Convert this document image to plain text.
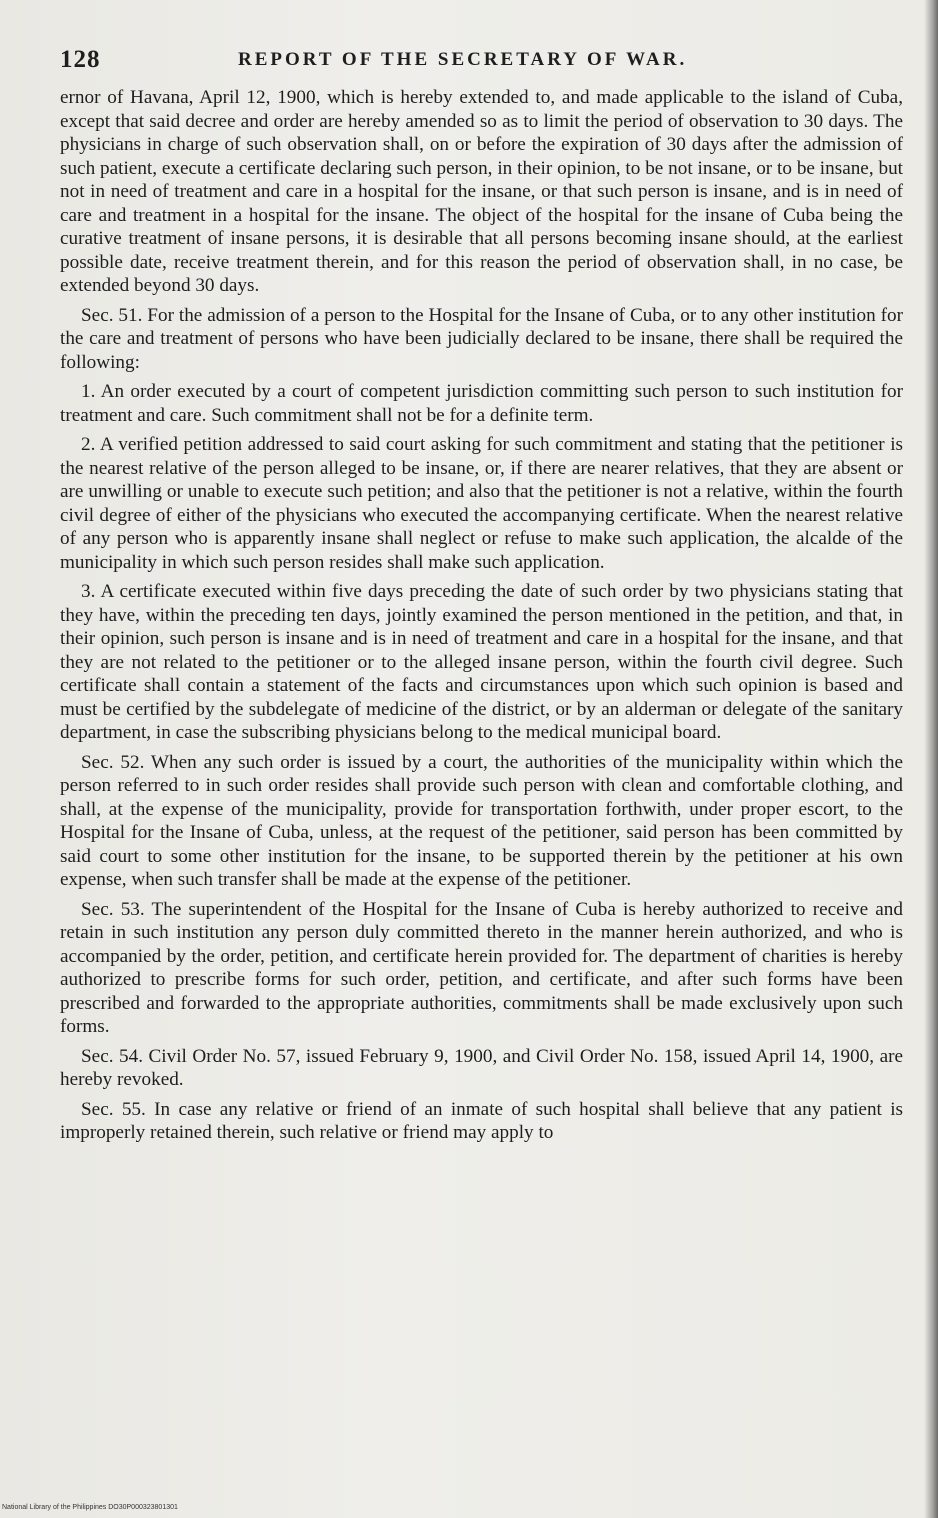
128	REPORT OF THE SECRETARY OF WAR.

ernor of Havana, April 12, 1900, which is hereby extended to, and made applicable to the island of Cuba, except that said decree and order are hereby amended so as to limit the period of observation to 30 days. The physicians in charge of such observation shall, on or before the expiration of 30 days after the admission of such patient, execute a certificate declaring such person, in their opinion, to be not insane, or to be insane, but not in need of treatment and care in a hospital for the insane, or that such person is insane, and is in need of care and treatment in a hospital for the insane. The object of the hospital for the insane of Cuba being the curative treatment of insane persons, it is desirable that all persons becoming insane should, at the earliest possible date, receive treatment therein, and for this reason the period of observation shall, in no case, be extended beyond 30 days.

Sec. 51. For the admission of a person to the Hospital for the Insane of Cuba, or to any other institution for the care and treatment of persons who have been judicially declared to be insane, there shall be required the following:

1. An order executed by a court of competent jurisdiction committing such person to such institution for treatment and care. Such commitment shall not be for a definite term.

2. A verified petition addressed to said court asking for such commitment and stating that the petitioner is the nearest relative of the person alleged to be insane, or, if there are nearer relatives, that they are absent or are unwilling or unable to execute such petition; and also that the petitioner is not a relative, within the fourth civil degree of either of the physicians who executed the accompanying certificate. When the nearest relative of any person who is apparently insane shall neglect or refuse to make such application, the alcalde of the municipality in which such person resides shall make such application.

3. A certificate executed within five days preceding the date of such order by two physicians stating that they have, within the preceding ten days, jointly examined the person mentioned in the petition, and that, in their opinion, such person is insane and is in need of treatment and care in a hospital for the insane, and that they are not related to the petitioner or to the alleged insane person, within the fourth civil degree. Such certificate shall contain a statement of the facts and circumstances upon which such opinion is based and must be certified by the subdelegate of medicine of the district, or by an alderman or delegate of the sanitary department, in case the subscribing physicians belong to the medical municipal board.

Sec. 52. When any such order is issued by a court, the authorities of the municipality within which the person referred to in such order resides shall provide such person with clean and comfortable clothing, and shall, at the expense of the municipality, provide for transportation forthwith, under proper escort, to the Hospital for the Insane of Cuba, unless, at the request of the petitioner, said person has been committed by said court to some other institution for the insane, to be supported therein by the petitioner at his own expense, when such transfer shall be made at the expense of the petitioner.

Sec. 53. The superintendent of the Hospital for the Insane of Cuba is hereby authorized to receive and retain in such institution any person duly committed thereto in the manner herein authorized, and who is accompanied by the order, petition, and certificate herein provided for. The department of charities is hereby authorized to prescribe forms for such order, petition, and certificate, and after such forms have been prescribed and forwarded to the appropriate authorities, commitments shall be made exclusively upon such forms.

Sec. 54. Civil Order No. 57, issued February 9, 1900, and Civil Order No. 158, issued April 14, 1900, are hereby revoked.

Sec. 55. In case any relative or friend of an inmate of such hospital shall believe that any patient is improperly retained therein, such relative or friend may apply to

National Library of the Philippines DO30P000323801301
